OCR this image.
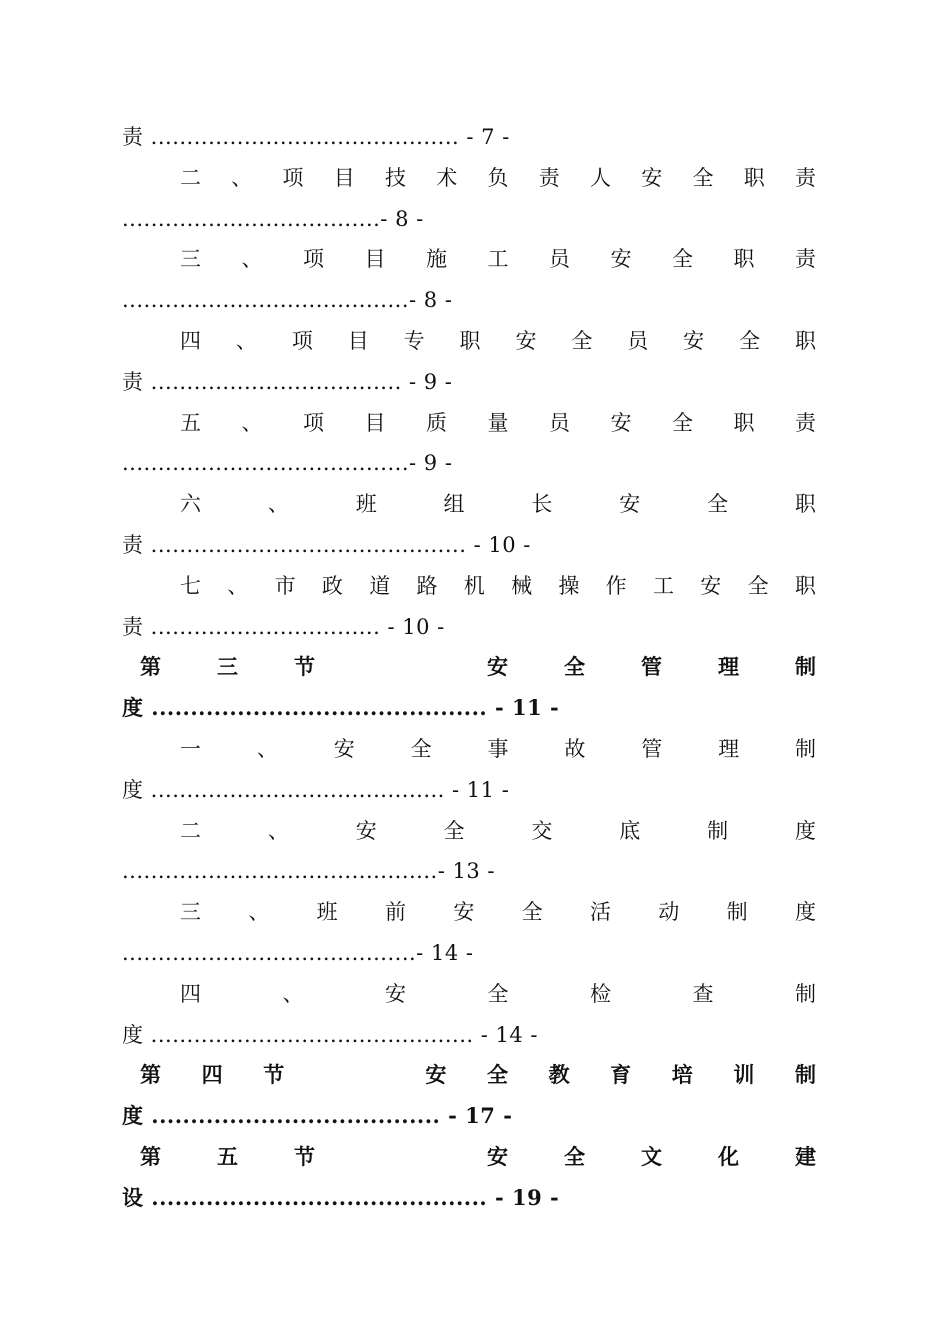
责 ........................................... - 7 -
二 、 项 目 技 术 负 责 人 安 全 职 责
....................................- 8 -
三 、 项 目 施 工 员 安 全 职 责
........................................- 8 -
四 、 项 目 专 职 安 全 员 安 全 职
责 ................................... - 9 -
五 、 项 目 质 量 员 安 全 职 责
........................................- 9 -
六	、	班	组	长	安	全	职
责 ............................................ - 10 -
七 、 市 政 道 路 机 械 操 作 工 安 全 职
责 ................................ - 10 -
第	三	节	安	全	管	理	制
度 ........................................... - 11 -
一	、	安	全	事	故	管	理	制
度 ......................................... - 11 -
二	、	安	全	交	底	制	度
............................................- 13 -
三 、 班 前 安 全 活 动 制 度
.........................................- 14 -
四	、	安	全	检	查	制
度 ............................................. - 14 -
第 四 节	安 全 教 育 培 训 制
度 ..................................... - 17 -
第	五	节	安	全	文	化	建
设 ........................................... - 19 -
